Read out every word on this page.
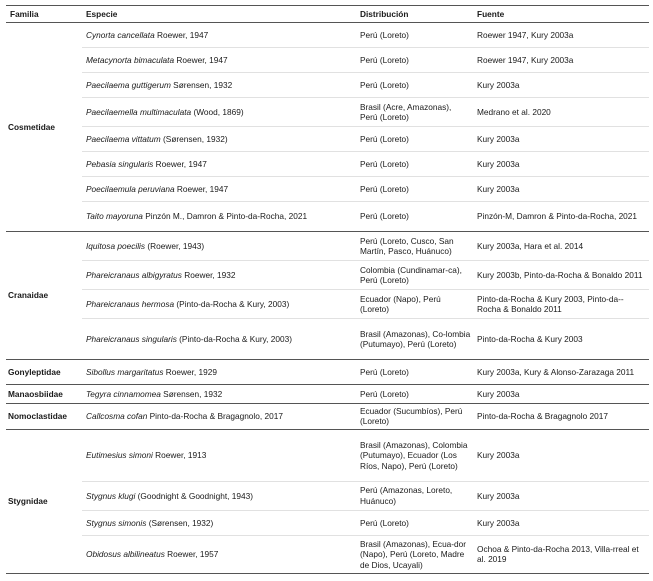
Familia	Especie	Distribución	Fuente
Cosmetidae	Cynorta cancellata Roewer, 1947	Perú (Loreto)	Roewer 1947, Kury 2003a
	Metacynorta bimaculata Roewer, 1947	Perú (Loreto)	Roewer 1947, Kury 2003a
	Paecilaema guttigerum Sørensen, 1932	Perú (Loreto)	Kury 2003a
	Paecilaemella multimaculata (Wood, 1869)	Brasil (Acre, Amazonas), Perú (Loreto)	Medrano et al. 2020
	Paecilaema vittatum (Sørensen, 1932)	Perú (Loreto)	Kury 2003a
	Pebasia singularis Roewer, 1947	Perú (Loreto)	Kury 2003a
	Poecilaemula peruviana Roewer, 1947	Perú (Loreto)	Kury 2003a
	Taito mayoruna Pinzón M., Damron & Pinto-da-Rocha, 2021	Perú (Loreto)	Pinzón-M, Damron & Pinto-da-Rocha, 2021
Cranaidae	Iquitosa poecilis (Roewer, 1943)	Perú (Loreto, Cusco, San Martín, Pasco, Huánuco)	Kury 2003a, Hara et al. 2014
	Phareicranaus albigyratus Roewer, 1932	Colombia (Cundinamar-ca), Perú (Loreto)	Kury 2003b, Pinto-da-Rocha & Bonaldo 2011
	Phareicranaus hermosa (Pinto-da-Rocha & Kury, 2003)	Ecuador (Napo), Perú (Loreto)	Pinto-da-Rocha & Kury 2003, Pinto-da--Rocha & Bonaldo 2011
	Phareicranaus singularis (Pinto-da-Rocha & Kury, 2003)	Brasil (Amazonas), Co-lombia (Putumayo), Perú (Loreto)	Pinto-da-Rocha & Kury 2003
Gonyleptidae	Sibollus margaritatus Roewer, 1929	Perú (Loreto)	Kury 2003a, Kury & Alonso-Zarazaga 2011
Manaosbiidae	Tegyra cinnamomea Sørensen, 1932	Perú (Loreto)	Kury 2003a
Nomoclastidae	Callcosma cofan Pinto-da-Rocha & Bragagnolo, 2017	Ecuador (Sucumbíos), Perú (Loreto)	Pinto-da-Rocha & Bragagnolo 2017
Stygnidae	Eutimesius simoni Roewer, 1913	Brasil (Amazonas), Colombia (Putumayo), Ecuador (Los Ríos, Napo), Perú (Loreto)	Kury 2003a
	Stygnus klugi (Goodnight & Goodnight, 1943)	Perú (Amazonas, Loreto, Huánuco)	Kury 2003a
	Stygnus simonis (Sørensen, 1932)	Perú (Loreto)	Kury 2003a
	Obidosus albilineatus Roewer, 1957	Brasil (Amazonas), Ecua-dor (Napo), Perú (Loreto, Madre de Dios, Ucayali)	Ochoa & Pinto-da-Rocha 2013, Villa-rreal et al. 2019
